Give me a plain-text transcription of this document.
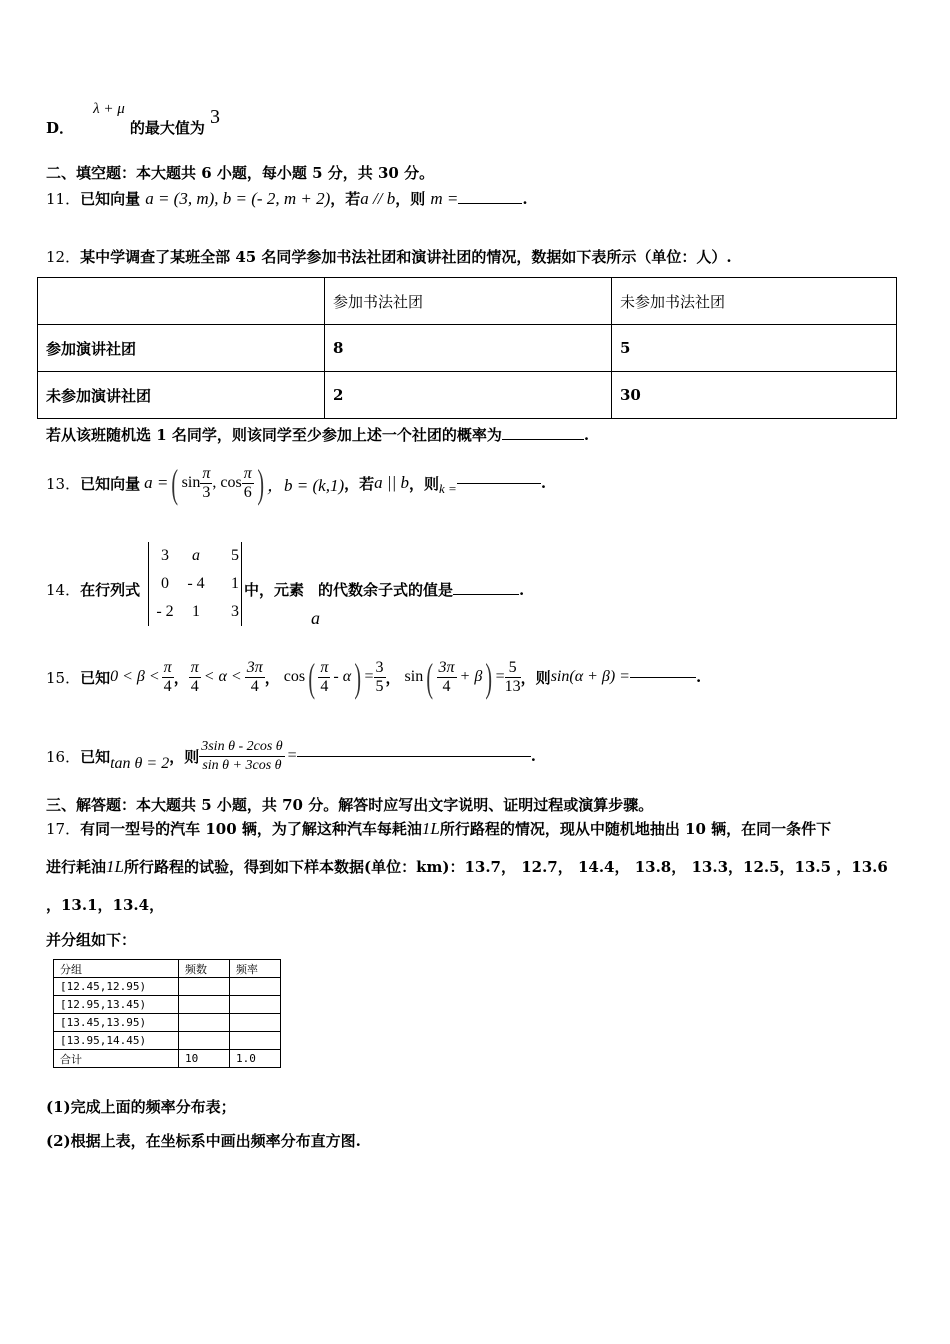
D． λ + μ 的最大值为 3
二、填空题：本大题共 6 小题，每小题 5 分，共 30 分。
11．已知向量 a = (3, m), b = (- 2, m + 2)，若a // b，则 m =	.
12．某中学调查了某班全部 45 名同学参加书法社团和演讲社团的情况，数据如下表所示（单位：人）.
	参加书法社团	未参加书法社团
参加演讲社团	8	5
未参加演讲社团	2	30
若从该班随机选 1 名同学，则该同学至少参加上述一个社团的概率为	.
13． 已知向量 a = ( $\sin \frac{\pi}{3}$ , $\cos \frac{\pi}{6}$ ) ，b = (k,1) ，若 a || b ，则 k =	.
3	a	5
0	- 4	1
- 2	1	3
14．在行列式	中，元素 的代数余子式的值是	.
a
15． 已知 $0 < \beta < \frac{\pi}{4}$ ， $\frac{\pi}{4} < \alpha < \frac{3\pi}{4}$ ， cos ( $\frac{\pi}{4}$ - α ) = $\frac{3}{5}$ ， sin ( $\frac{3\pi}{4} + \beta$ ) = $\frac{5}{13}$ ，则 sin(α + β) =	.
16． 已知 tan θ = 2 ，则 $\frac{\text{3sin θ - 2cos θ}}{\text{sin θ + 3cos θ}}$ =	.
三、解答题：本大题共 5 小题，共 70 分。解答时应写出文字说明、证明过程或演算步骤。
17．有同一型号的汽车 100 辆，为了解这种汽车每耗油1L所行路程的情况，现从中随机地抽出 10 辆，在同一条件下
进行耗油1L所行路程的试验，得到如下样本数据(单位：km)：13.7， 12.7， 14.4， 13.8， 13.3，12.5，13.5 ，13.6
，13.1，13.4，
并分组如下：
分组	频数	频率
[12.45,12.95)		
[12.95,13.45)		
[13.45,13.95)		
[13.95,14.45)		
合计	10	1.0
(1)完成上面的频率分布表；
(2)根据上表，在坐标系中画出频率分布直方图.
